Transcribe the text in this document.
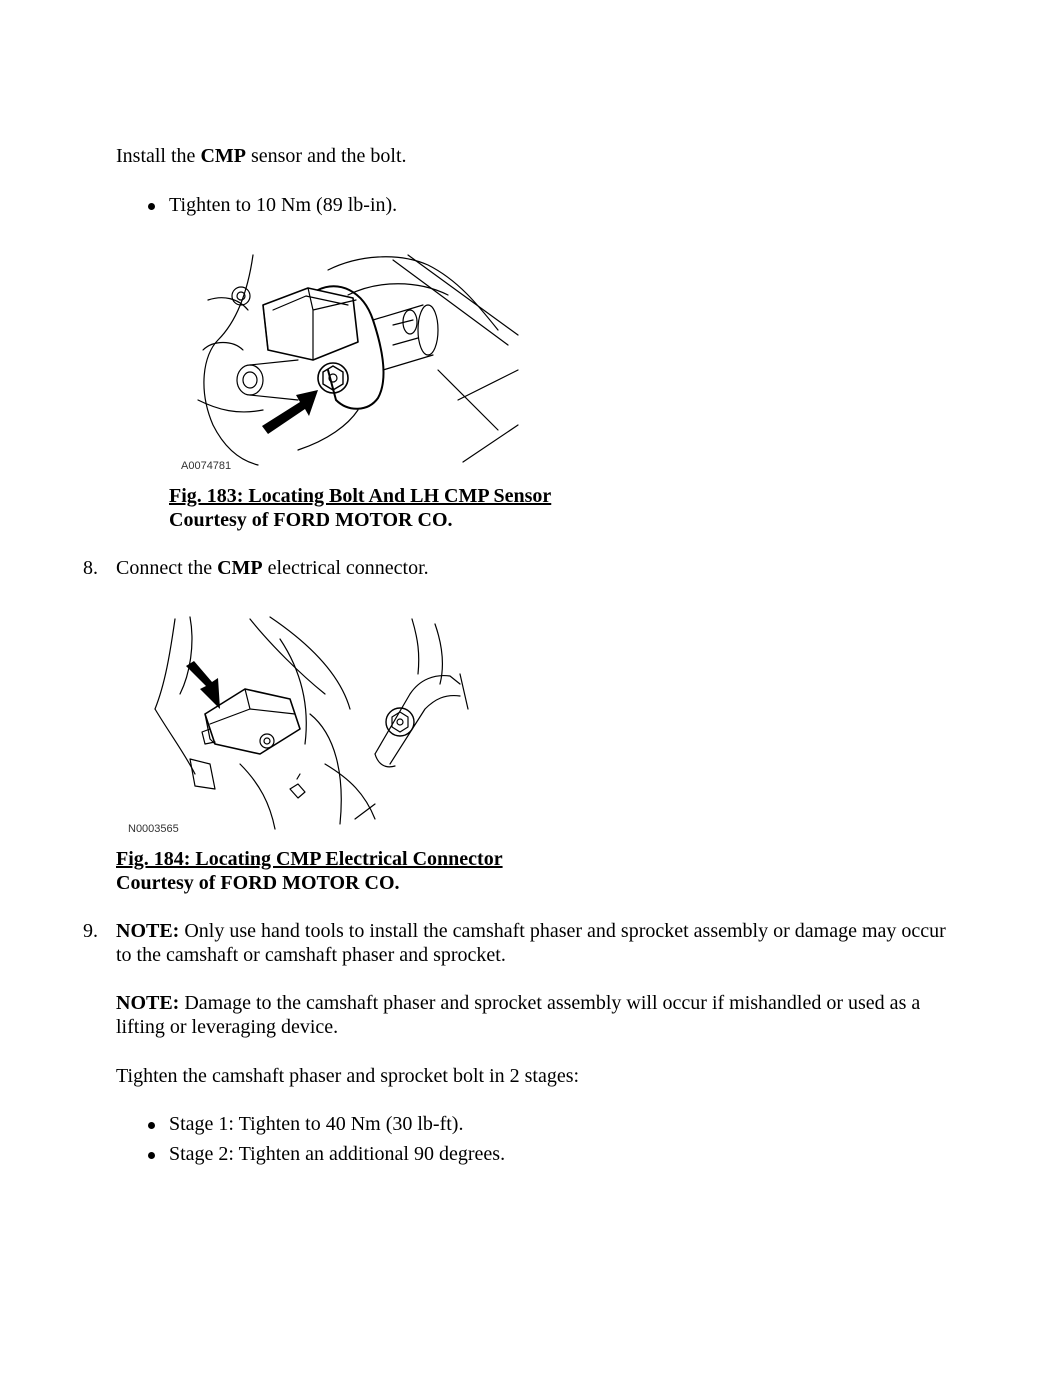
Install the CMP sensor and the bolt.
Tighten to 10 Nm (89 lb-in).
A0074781
Fig. 183: Locating Bolt And LH CMP Sensor
Courtesy of FORD MOTOR CO.
8. Connect the CMP electrical connector.
N0003565
Fig. 184: Locating CMP Electrical Connector
Courtesy of FORD MOTOR CO.
9. NOTE: Only use hand tools to install the camshaft phaser and sprocket assembly or damage may occur
to the camshaft or camshaft phaser and sprocket.
NOTE: Damage to the camshaft phaser and sprocket assembly will occur if mishandled or used as a
lifting or leveraging device.
Tighten the camshaft phaser and sprocket bolt in 2 stages:
Stage 1: Tighten to 40 Nm (30 lb-ft).
Stage 2: Tighten an additional 90 degrees.
